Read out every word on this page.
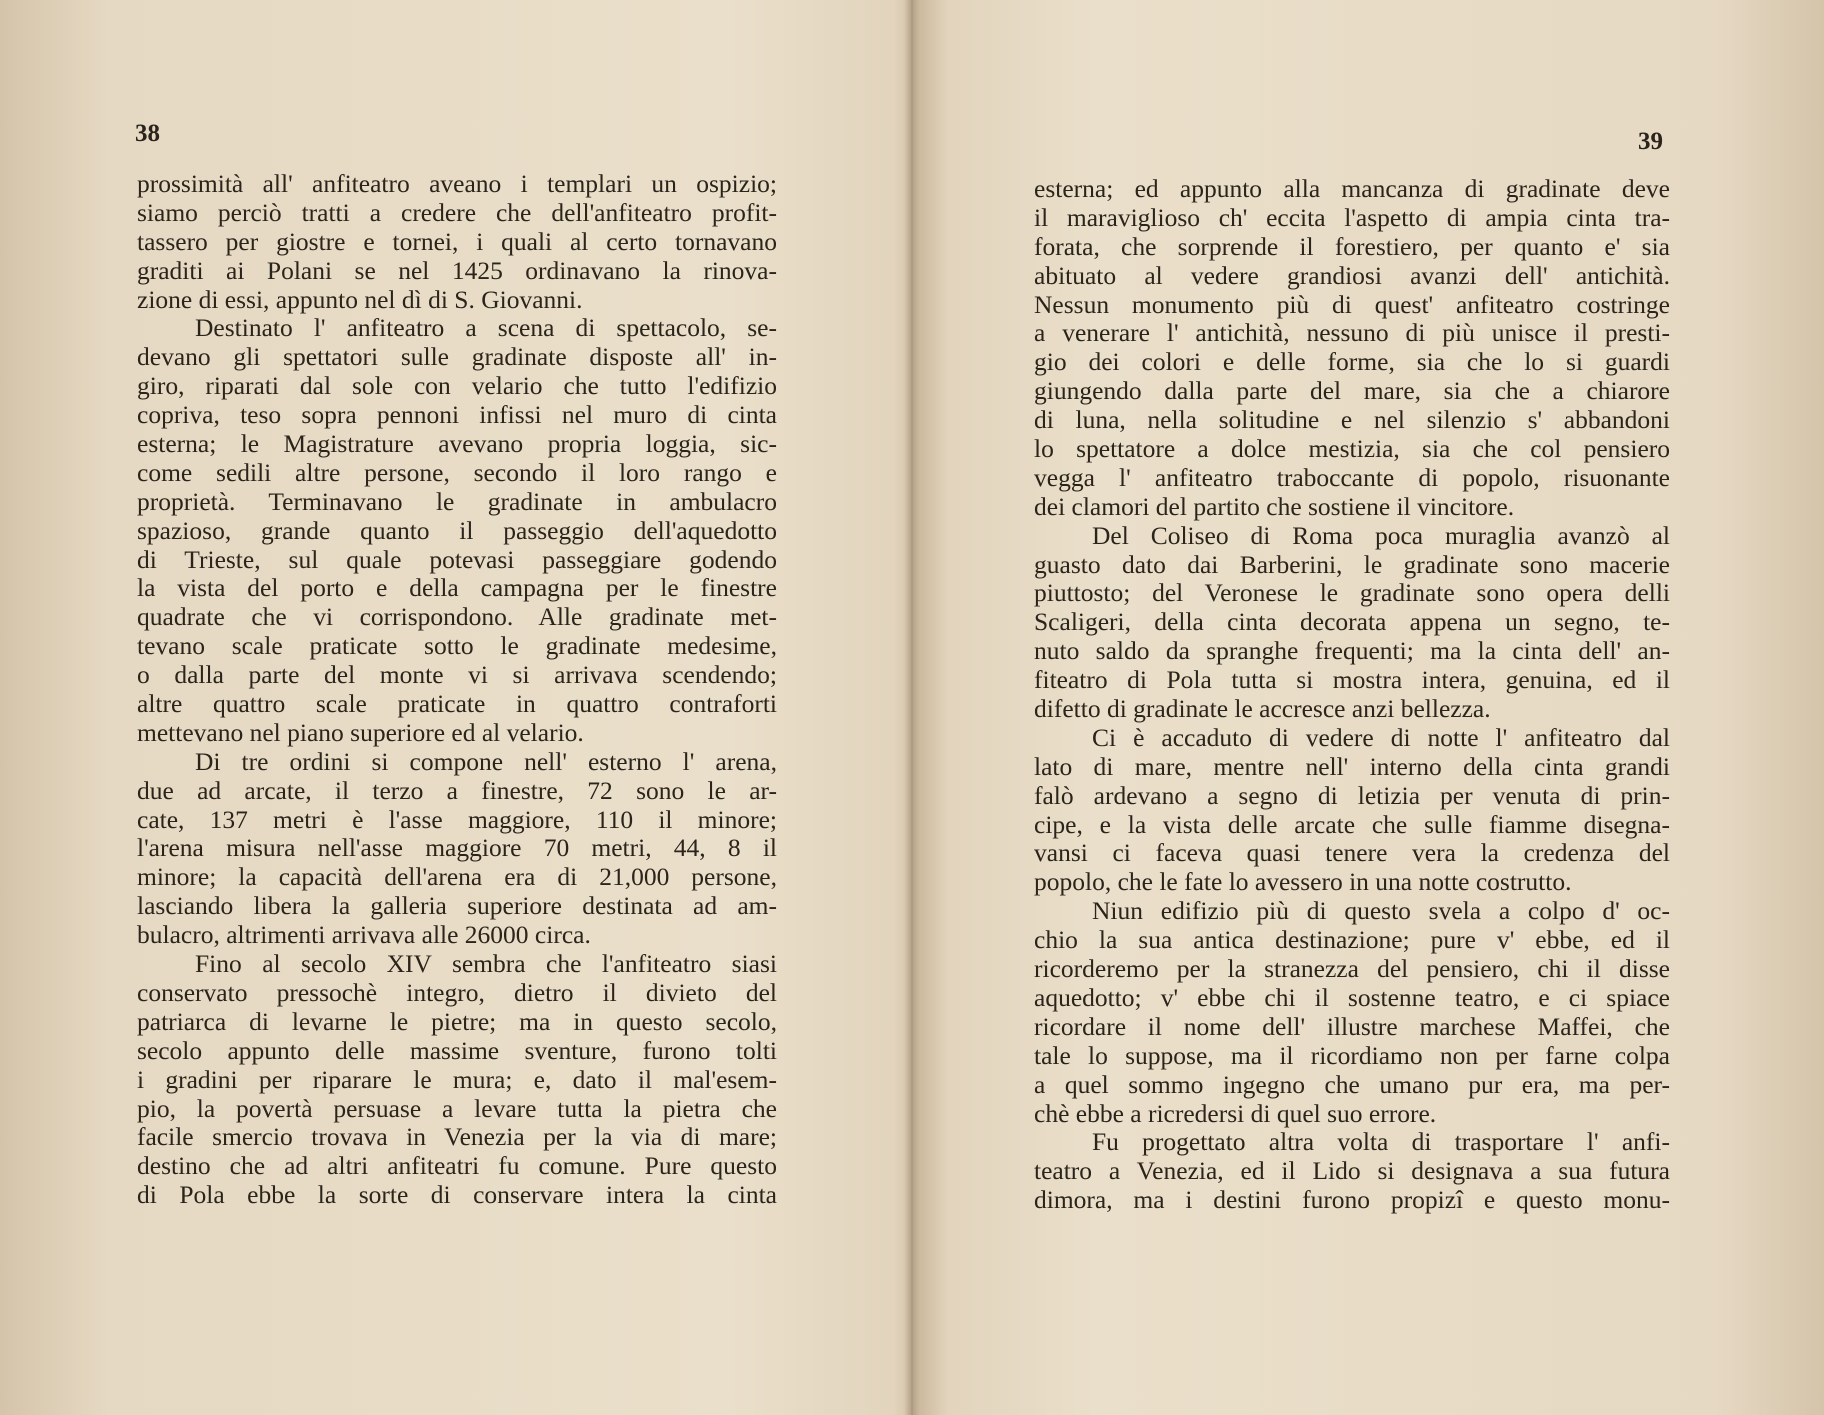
38
prossimità all' anfiteatro aveano i templari un ospizio;
siamo perciò tratti a credere che dell'anfiteatro profit-
tassero per giostre e tornei, i quali al certo tornavano
graditi ai Polani se nel 1425 ordinavano la rinova-
zione di essi, appunto nel dì di S. Giovanni.
Destinato l' anfiteatro a scena di spettacolo, se-
devano gli spettatori sulle gradinate disposte all' in-
giro, riparati dal sole con velario che tutto l'edifizio
copriva, teso sopra pennoni infissi nel muro di cinta
esterna; le Magistrature avevano propria loggia, sic-
come sedili altre persone, secondo il loro rango e
proprietà. Terminavano le gradinate in ambulacro
spazioso, grande quanto il passeggio dell'aquedotto
di Trieste, sul quale potevasi passeggiare godendo
la vista del porto e della campagna per le finestre
quadrate che vi corrispondono. Alle gradinate met-
tevano scale praticate sotto le gradinate medesime,
o dalla parte del monte vi si arrivava scendendo;
altre quattro scale praticate in quattro contraforti
mettevano nel piano superiore ed al velario.
Di tre ordini si compone nell' esterno l' arena,
due ad arcate, il terzo a finestre, 72 sono le ar-
cate, 137 metri è l'asse maggiore, 110 il minore;
l'arena misura nell'asse maggiore 70 metri, 44, 8 il
minore; la capacità dell'arena era di 21,000 persone,
lasciando libera la galleria superiore destinata ad am-
bulacro, altrimenti arrivava alle 26000 circa.
Fino al secolo XIV sembra che l'anfiteatro siasi
conservato pressochè integro, dietro il divieto del
patriarca di levarne le pietre; ma in questo secolo,
secolo appunto delle massime sventure, furono tolti
i gradini per riparare le mura; e, dato il mal'esem-
pio, la povertà persuase a levare tutta la pietra che
facile smercio trovava in Venezia per la via di mare;
destino che ad altri anfiteatri fu comune. Pure questo
di Pola ebbe la sorte di conservare intera la cinta
39
esterna; ed appunto alla mancanza di gradinate deve
il maraviglioso ch' eccita l'aspetto di ampia cinta tra-
forata, che sorprende il forestiero, per quanto e' sia
abituato al vedere grandiosi avanzi dell' antichità.
Nessun monumento più di quest' anfiteatro costringe
a venerare l' antichità, nessuno di più unisce il presti-
gio dei colori e delle forme, sia che lo si guardi
giungendo dalla parte del mare, sia che a chiarore
di luna, nella solitudine e nel silenzio s' abbandoni
lo spettatore a dolce mestizia, sia che col pensiero
vegga l' anfiteatro traboccante di popolo, risuonante
dei clamori del partito che sostiene il vincitore.
Del Coliseo di Roma poca muraglia avanzò al
guasto dato dai Barberini, le gradinate sono macerie
piuttosto; del Veronese le gradinate sono opera delli
Scaligeri, della cinta decorata appena un segno, te-
nuto saldo da spranghe frequenti; ma la cinta dell' an-
fiteatro di Pola tutta si mostra intera, genuina, ed il
difetto di gradinate le accresce anzi bellezza.
Ci è accaduto di vedere di notte l' anfiteatro dal
lato di mare, mentre nell' interno della cinta grandi
falò ardevano a segno di letizia per venuta di prin-
cipe, e la vista delle arcate che sulle fiamme disegna-
vansi ci faceva quasi tenere vera la credenza del
popolo, che le fate lo avessero in una notte costrutto.
Niun edifizio più di questo svela a colpo d' oc-
chio la sua antica destinazione; pure v' ebbe, ed il
ricorderemo per la stranezza del pensiero, chi il disse
aquedotto; v' ebbe chi il sostenne teatro, e ci spiace
ricordare il nome dell' illustre marchese Maffei, che
tale lo suppose, ma il ricordiamo non per farne colpa
a quel sommo ingegno che umano pur era, ma per-
chè ebbe a ricredersi di quel suo errore.
Fu progettato altra volta di trasportare l' anfi-
teatro a Venezia, ed il Lido si designava a sua futura
dimora, ma i destini furono propizî e questo monu-
